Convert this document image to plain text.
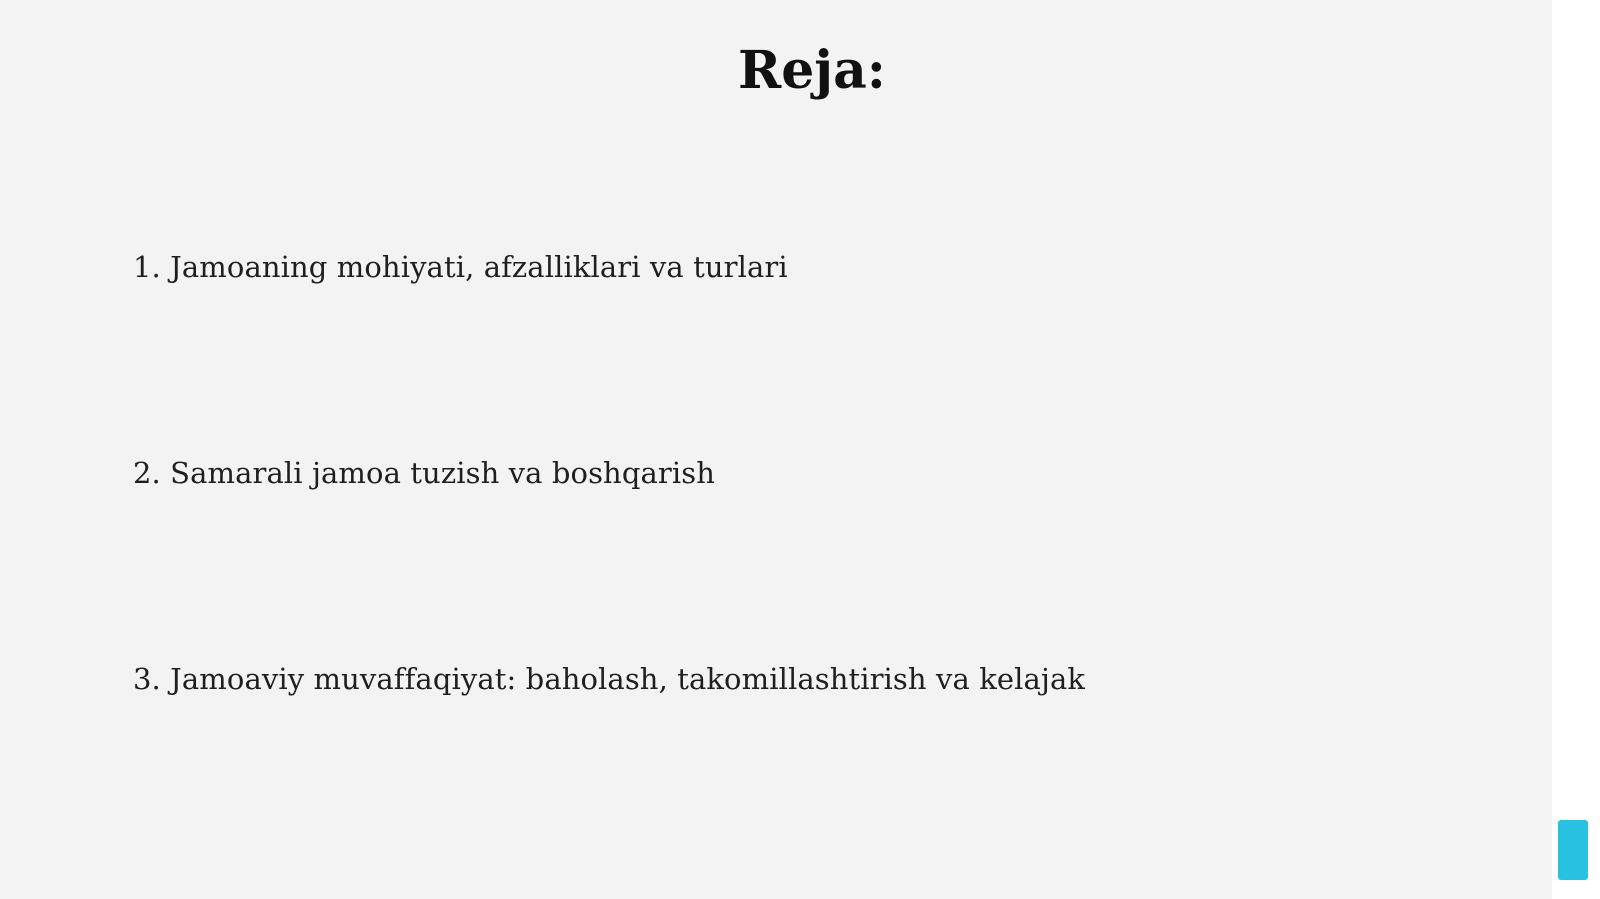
Reja:

1. Jamoaning mohiyati, afzalliklari va turlari

2. Samarali jamoa tuzish va boshqarish

3. Jamoaviy muvaffaqiyat: baholash, takomillashtirish va kelajak
